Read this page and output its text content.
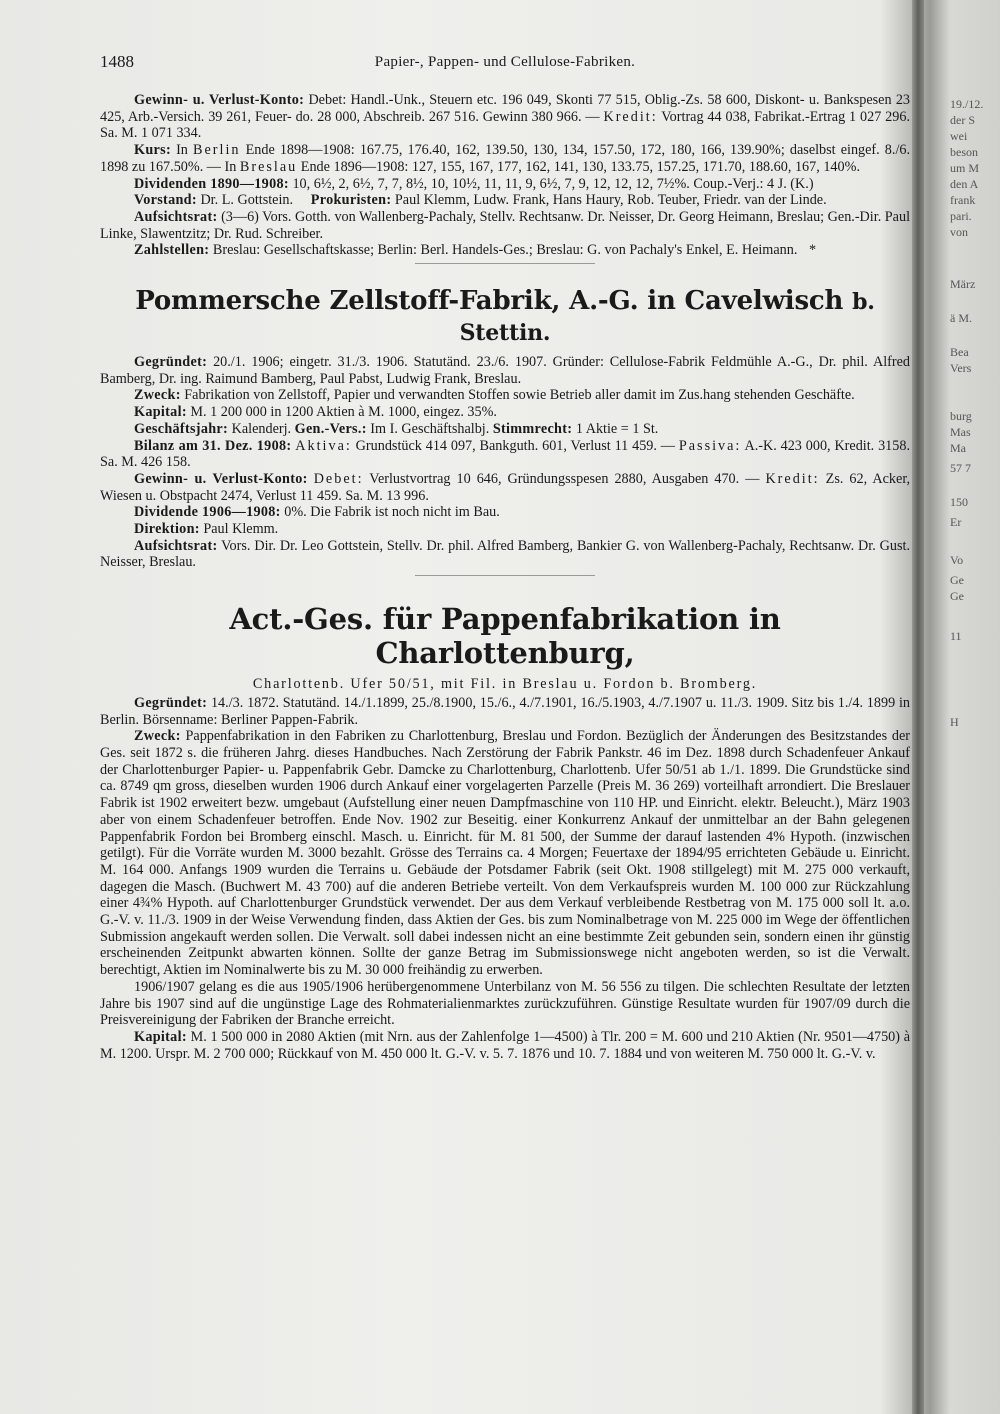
19./12.
der S
wei
beson
um M
den A
frank
pari.
von
März
ä M.
Bea
Vers
burg
Mas
Ma
57 7
150
Er
Vo
Ge
Ge
11
H
1488	Papier-, Pappen- und Cellulose-Fabriken.

Gewinn- u. Verlust-Konto: Debet: Handl.-Unk., Steuern etc. 196 049, Skonti 77 515, Oblig.-Zs. 58 600, Diskont- u. Bankspesen 23 425, Arb.-Versich. 39 261, Feuer- do. 28 000, Abschreib. 267 516. Gewinn 380 966. — Kredit: Vortrag 44 038, Fabrikat.-Ertrag 1 027 296. Sa. M. 1 071 334.

Kurs: In Berlin Ende 1898—1908: 167.75, 176.40, 162, 139.50, 130, 134, 157.50, 172, 180, 166, 139.90%; daselbst eingef. 8./6. 1898 zu 167.50%. — In Breslau Ende 1896—1908: 127, 155, 167, 177, 162, 141, 130, 133.75, 157.25, 171.70, 188.60, 167, 140%.

Dividenden 1890—1908: 10, 6½, 2, 6½, 7, 7, 8½, 10, 10½, 11, 11, 9, 6½, 7, 9, 12, 12, 12, 7½%. Coup.-Verj.: 4 J. (K.)

Vorstand: Dr. L. Gottstein. Prokuristen: Paul Klemm, Ludw. Frank, Hans Haury, Rob. Teuber, Friedr. van der Linde.

Aufsichtsrat: (3—6) Vors. Gotth. von Wallenberg-Pachaly, Stellv. Rechtsanw. Dr. Neisser, Dr. Georg Heimann, Breslau; Gen.-Dir. Paul Linke, Slawentzitz; Dr. Rud. Schreiber.

Zahlstellen: Breslau: Gesellschaftskasse; Berlin: Berl. Handels-Ges.; Breslau: G. von Pachaly's Enkel, E. Heimann. *

Pommersche Zellstoff-Fabrik, A.-G. in Cavelwisch b. Stettin.

Gegründet: 20./1. 1906; eingetr. 31./3. 1906. Statutänd. 23./6. 1907. Gründer: Cellulose-Fabrik Feldmühle A.-G., Dr. phil. Alfred Bamberg, Dr. ing. Raimund Bamberg, Paul Pabst, Ludwig Frank, Breslau.

Zweck: Fabrikation von Zellstoff, Papier und verwandten Stoffen sowie Betrieb aller damit im Zus.hang stehenden Geschäfte.

Kapital: M. 1 200 000 in 1200 Aktien à M. 1000, eingez. 35%.

Geschäftsjahr: Kalenderj. Gen.-Vers.: Im I. Geschäftshalbj. Stimmrecht: 1 Aktie = 1 St.

Bilanz am 31. Dez. 1908: Aktiva: Grundstück 414 097, Bankguth. 601, Verlust 11 459. — Passiva: A.-K. 423 000, Kredit. 3158. Sa. M. 426 158.

Gewinn- u. Verlust-Konto: Debet: Verlustvortrag 10 646, Gründungsspesen 2880, Ausgaben 470. — Kredit: Zs. 62, Acker, Wiesen u. Obstpacht 2474, Verlust 11 459. Sa. M. 13 996.

Dividende 1906—1908: 0%. Die Fabrik ist noch nicht im Bau.

Direktion: Paul Klemm.

Aufsichtsrat: Vors. Dir. Dr. Leo Gottstein, Stellv. Dr. phil. Alfred Bamberg, Bankier G. von Wallenberg-Pachaly, Rechtsanw. Dr. Gust. Neisser, Breslau.

Act.-Ges. für Pappenfabrikation in Charlottenburg,
Charlottenb. Ufer 50/51, mit Fil. in Breslau u. Fordon b. Bromberg.

Gegründet: 14./3. 1872. Statutänd. 14./1.1899, 25./8.1900, 15./6., 4./7.1901, 16./5.1903, 4./7.1907 u. 11./3. 1909. Sitz bis 1./4. 1899 in Berlin. Börsenname: Berliner Pappen-Fabrik.

Zweck: Pappenfabrikation in den Fabriken zu Charlottenburg, Breslau und Fordon. Bezüglich der Änderungen des Besitzstandes der Ges. seit 1872 s. die früheren Jahrg. dieses Handbuches. Nach Zerstörung der Fabrik Pankstr. 46 im Dez. 1898 durch Schadenfeuer Ankauf der Charlottenburger Papier- u. Pappenfabrik Gebr. Damcke zu Charlottenburg, Charlottenb. Ufer 50/51 ab 1./1. 1899. Die Grundstücke sind ca. 8749 qm gross, dieselben wurden 1906 durch Ankauf einer vorgelagerten Parzelle (Preis M. 36 269) vorteilhaft arrondiert. Die Breslauer Fabrik ist 1902 erweitert bezw. umgebaut (Aufstellung einer neuen Dampfmaschine von 110 HP. und Einricht. elektr. Beleucht.), März 1903 aber von einem Schadenfeuer betroffen. Ende Nov. 1902 zur Beseitig. einer Konkurrenz Ankauf der unmittelbar an der Bahn gelegenen Pappenfabrik Fordon bei Bromberg einschl. Masch. u. Einricht. für M. 81 500, der Summe der darauf lastenden 4% Hypoth. (inzwischen getilgt). Für die Vorräte wurden M. 3000 bezahlt. Grösse des Terrains ca. 4 Morgen; Feuertaxe der 1894/95 errichteten Gebäude u. Einricht. M. 164 000. Anfangs 1909 wurden die Terrains u. Gebäude der Potsdamer Fabrik (seit Okt. 1908 stillgelegt) mit M. 275 000 verkauft, dagegen die Masch. (Buchwert M. 43 700) auf die anderen Betriebe verteilt. Von dem Verkaufspreis wurden M. 100 000 zur Rückzahlung einer 4¾% Hypoth. auf Charlottenburger Grundstück verwendet. Der aus dem Verkauf verbleibende Restbetrag von M. 175 000 soll lt. a.o. G.-V. v. 11./3. 1909 in der Weise Verwendung finden, dass Aktien der Ges. bis zum Nominalbetrage von M. 225 000 im Wege der öffentlichen Submission angekauft werden sollen. Die Verwalt. soll dabei indessen nicht an eine bestimmte Zeit gebunden sein, sondern einen ihr günstig erscheinenden Zeitpunkt abwarten können. Sollte der ganze Betrag im Submissionswege nicht angeboten werden, so ist die Verwalt. berechtigt, Aktien im Nominalwerte bis zu M. 30 000 freihändig zu erwerben.

1906/1907 gelang es die aus 1905/1906 herübergenommene Unterbilanz von M. 56 556 zu tilgen. Die schlechten Resultate der letzten Jahre bis 1907 sind auf die ungünstige Lage des Rohmaterialienmarktes zurückzuführen. Günstige Resultate wurden für 1907/09 durch die Preisvereinigung der Fabriken der Branche erreicht.

Kapital: M. 1 500 000 in 2080 Aktien (mit Nrn. aus der Zahlenfolge 1—4500) à Tlr. 200 = M. 600 und 210 Aktien (Nr. 9501—4750) à M. 1200. Urspr. M. 2 700 000; Rückkauf von M. 450 000 lt. G.-V. v. 5. 7. 1876 und 10. 7. 1884 und von weiteren M. 750 000 lt. G.-V. v.
